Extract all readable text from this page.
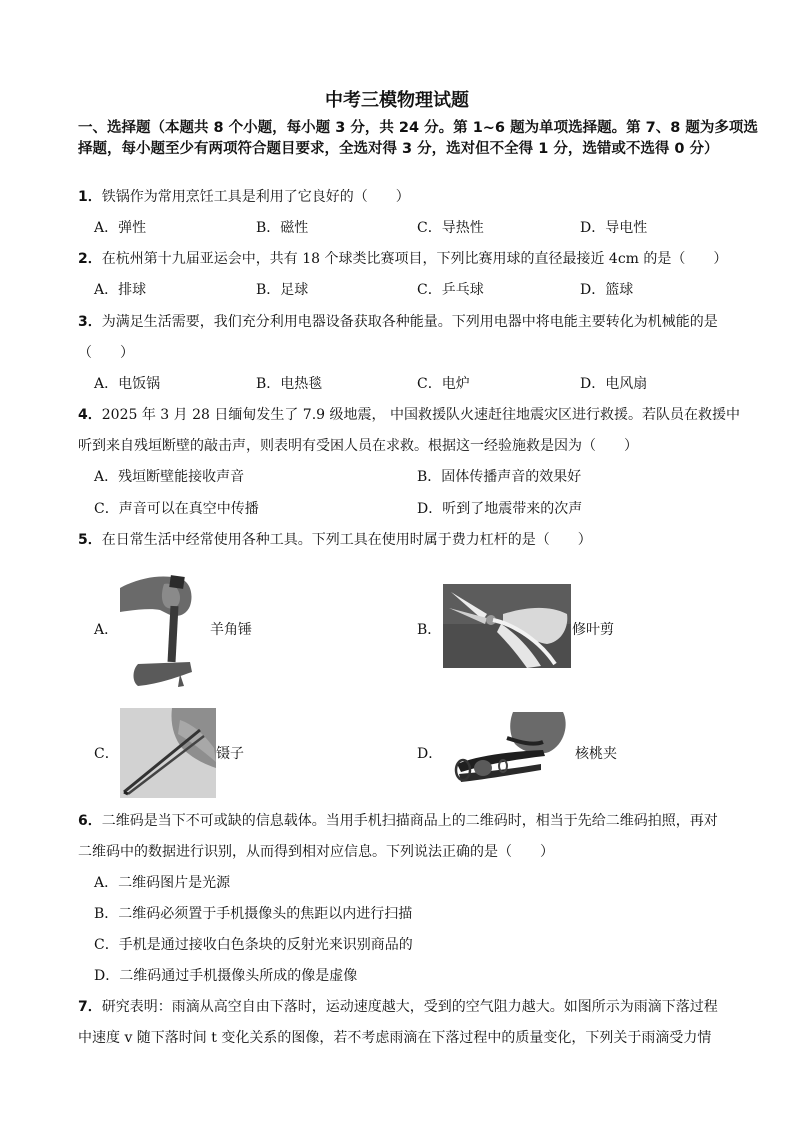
中考三模物理试题
一、选择题（本题共 8 个小题，每小题 3 分，共 24 分。第 1~6 题为单项选择题。第 7、8 题为多项选择题，每小题至少有两项符合题目要求，全选对得 3 分，选对但不全得 1 分，选错或不选得 0 分）
1．铁锅作为常用烹饪工具是利用了它良好的（　　）
A．弹性	B．磁性	C．导热性	D．导电性
2．在杭州第十九届亚运会中，共有 18 个球类比赛项目，下列比赛用球的直径最接近 4cm 的是（　　）
A．排球	B．足球	C．乒乓球	D．篮球
3．为满足生活需要，我们充分利用电器设备获取各种能量。下列用电器中将电能主要转化为机械能的是
（　　）
A．电饭锅	B．电热毯	C．电炉	D．电风扇
4．2025 年 3 月 28 日缅甸发生了 7.9 级地震， 中国救援队火速赶往地震灾区进行救援。若队员在救援中
听到来自残垣断壁的敲击声，则表明有受困人员在求救。根据这一经验施救是因为（　　）
A．残垣断壁能接收声音	B．固体传播声音的效果好
C．声音可以在真空中传播	D．听到了地震带来的次声
5．在日常生活中经常使用各种工具。下列工具在使用时属于费力杠杆的是（　　）
A．	羊角锤	B．	修叶剪
C．	镊子	D．	核桃夹
6．二维码是当下不可或缺的信息载体。当用手机扫描商品上的二维码时，相当于先给二维码拍照，再对
二维码中的数据进行识别，从而得到相对应信息。下列说法正确的是（　　）
A．二维码图片是光源
B．二维码必须置于手机摄像头的焦距以内进行扫描
C．手机是通过接收白色条块的反射光来识别商品的
D．二维码通过手机摄像头所成的像是虚像
7．研究表明：雨滴从高空自由下落时，运动速度越大，受到的空气阻力越大。如图所示为雨滴下落过程
中速度 v 随下落时间 t 变化关系的图像，若不考虑雨滴在下落过程中的质量变化，下列关于雨滴受力情
